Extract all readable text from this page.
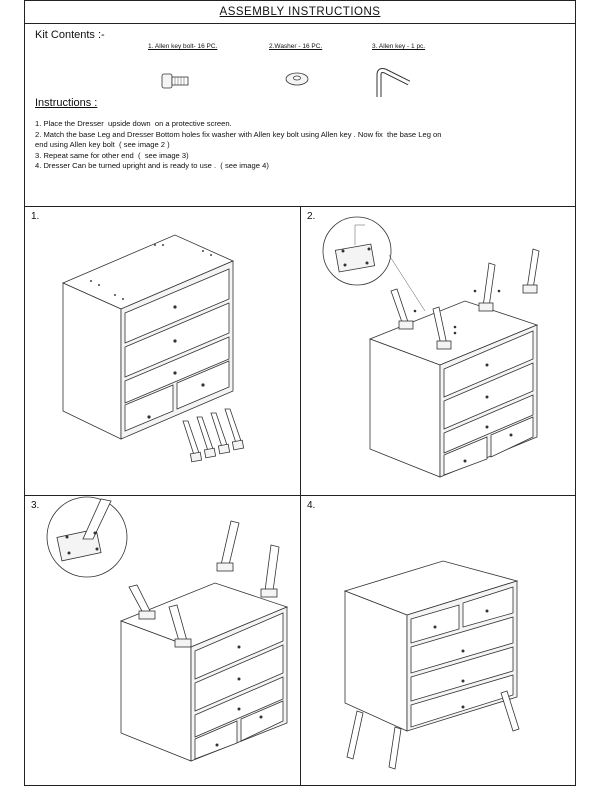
ASSEMBLY INSTRUCTIONS
Kit Contents :-
1. Allen key bolt- 16 PC.	2.Washer - 16 PC.	3. Allen key - 1 pc.
Instructions :
1. Place the Dresser  upside down  on a protective screen.
2. Match the base Leg and Dresser Bottom holes fix washer with Allen key bolt using Allen key . Now fix  the base Leg on
end using Allen key bolt  ( see image 2 )
3. Repeat same for other end  (  see image 3)
4. Dresser Can be turned upright and is ready to use .  ( see image 4)
1.	2.
3.	4.
